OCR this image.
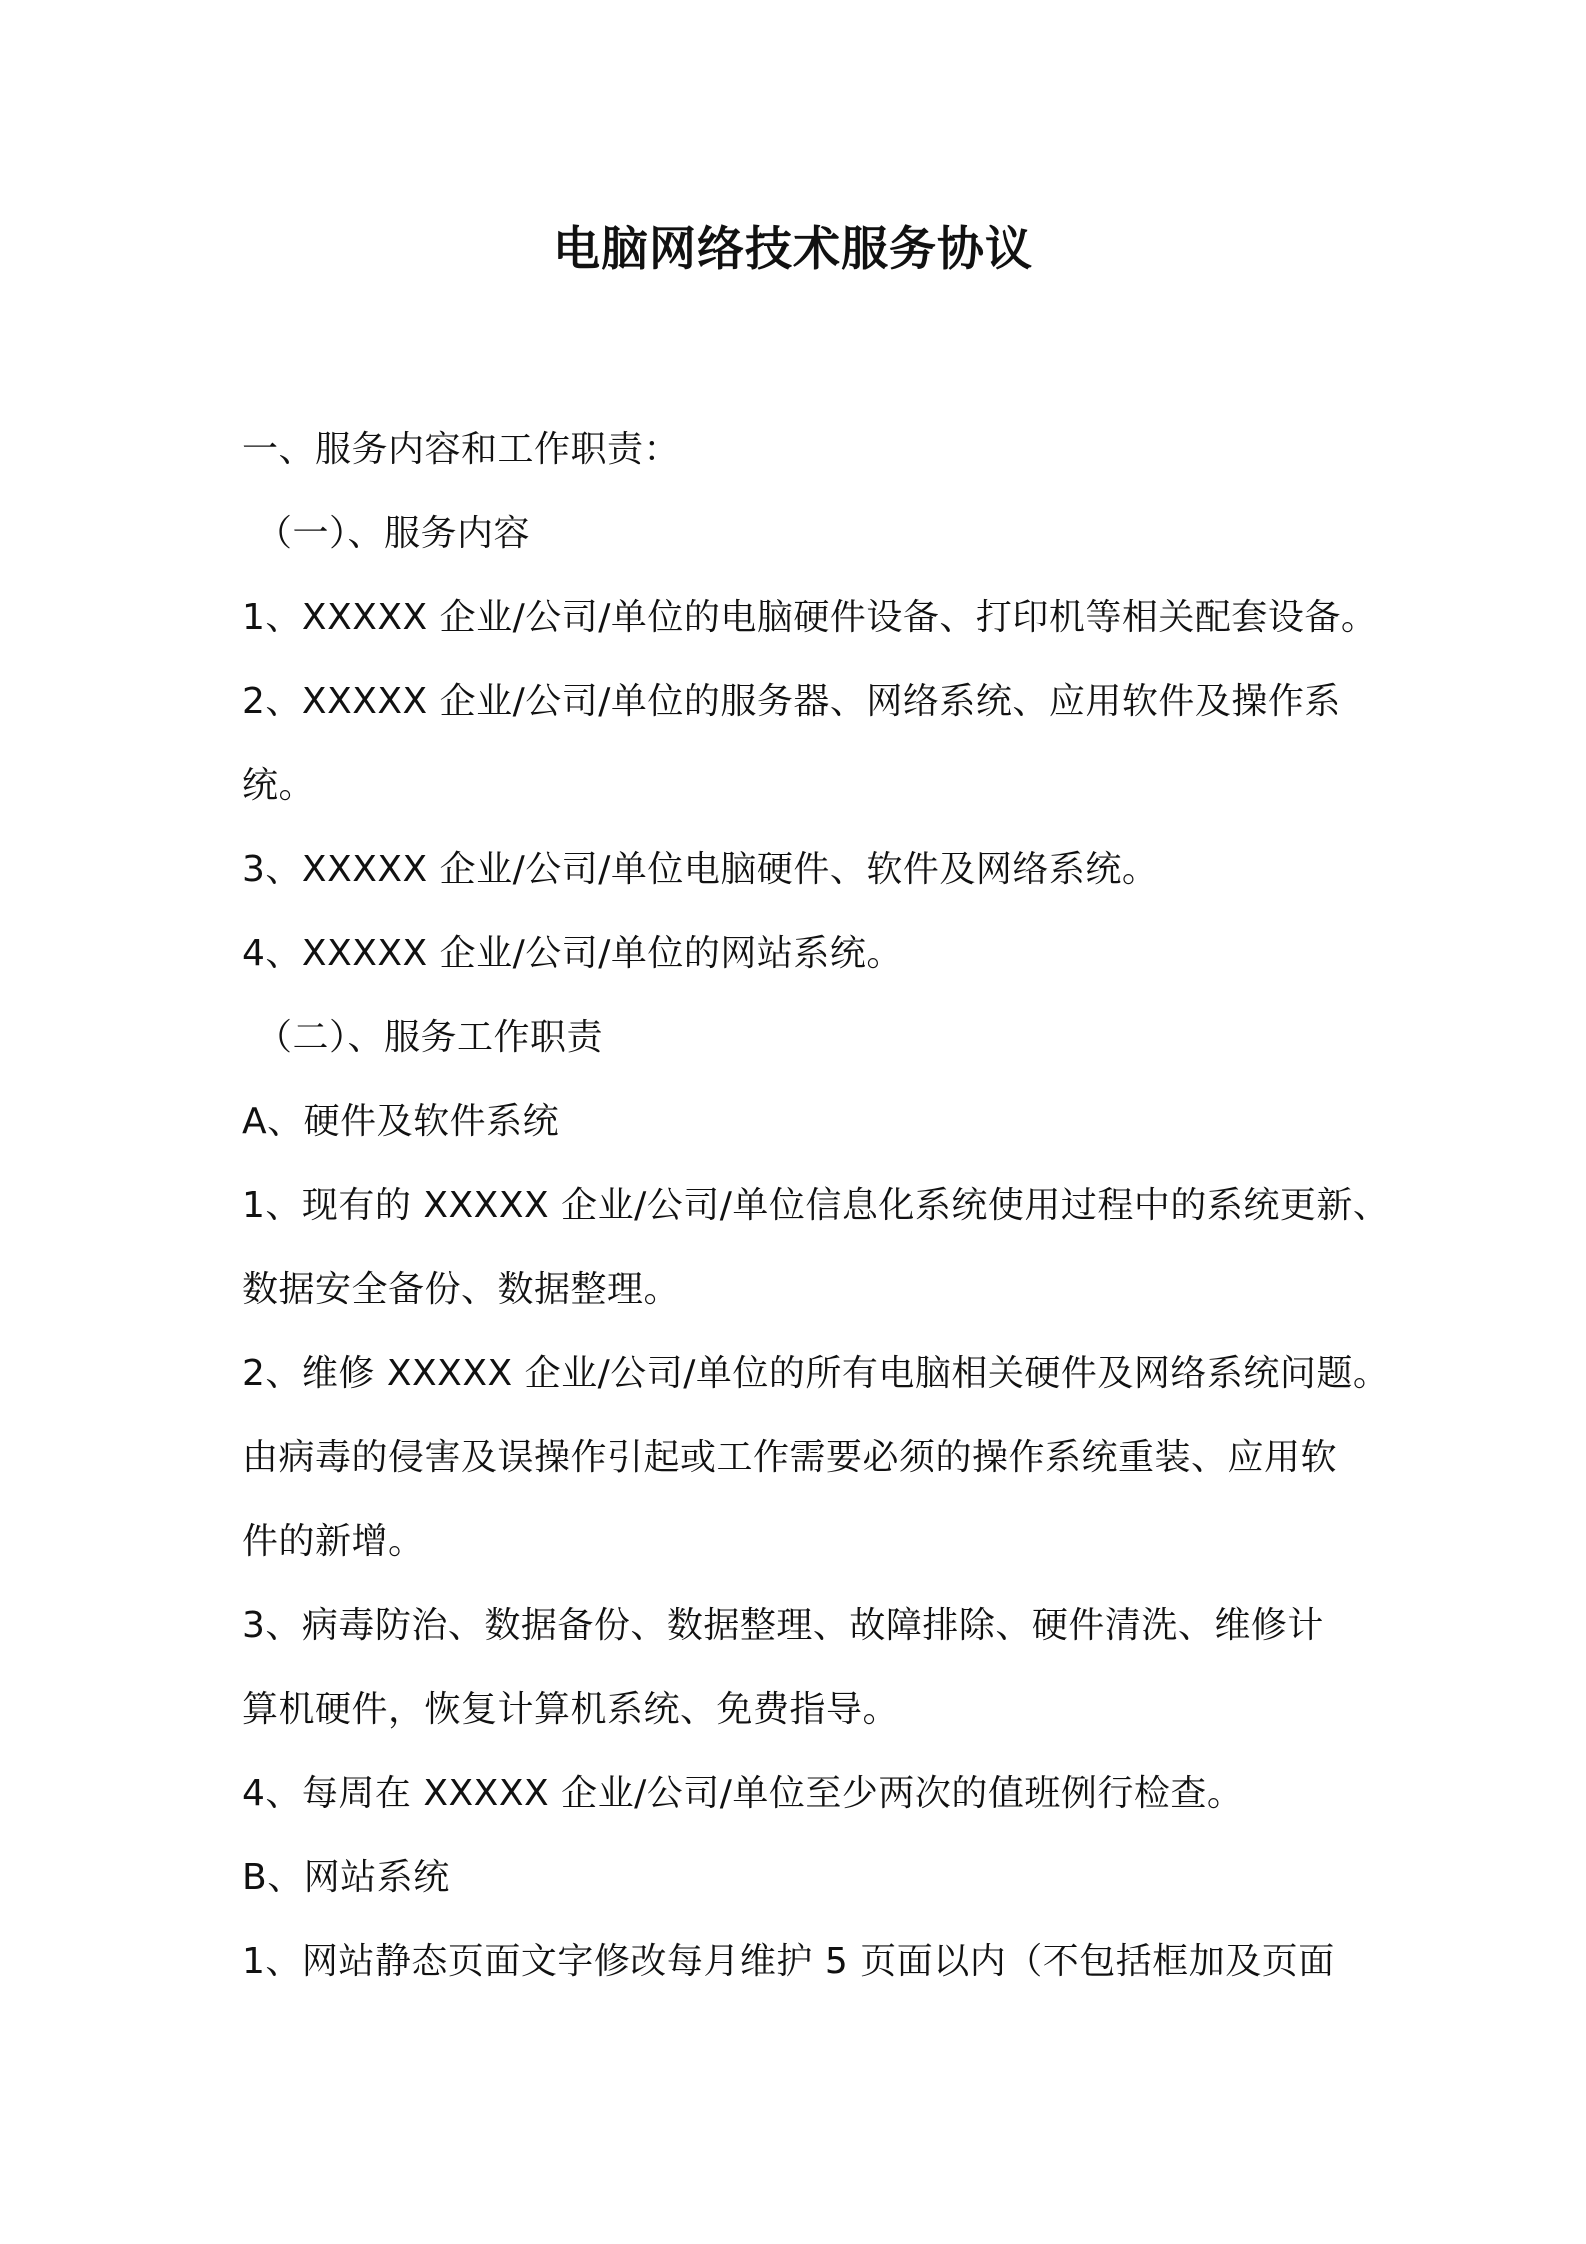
电脑网络技术服务协议
一、服务内容和工作职责：
（一）、服务内容
1、XXXXX 企业/公司/单位的电脑硬件设备、打印机等相关配套设备。
2、XXXXX 企业/公司/单位的服务器、网络系统、应用软件及操作系
统。
3、XXXXX 企业/公司/单位电脑硬件、软件及网络系统。
4、XXXXX 企业/公司/单位的网站系统。
（二）、服务工作职责
A、硬件及软件系统
1、现有的 XXXXX 企业/公司/单位信息化系统使用过程中的系统更新、
数据安全备份、数据整理。
2、维修 XXXXX 企业/公司/单位的所有电脑相关硬件及网络系统问题。
由病毒的侵害及误操作引起或工作需要必须的操作系统重装、应用软
件的新增。
3、病毒防治、数据备份、数据整理、故障排除、硬件清洗、维修计
算机硬件，恢复计算机系统、免费指导。
4、每周在 XXXXX 企业/公司/单位至少两次的值班例行检查。
B、网站系统
1、网站静态页面文字修改每月维护 5 页面以内（不包括框加及页面
